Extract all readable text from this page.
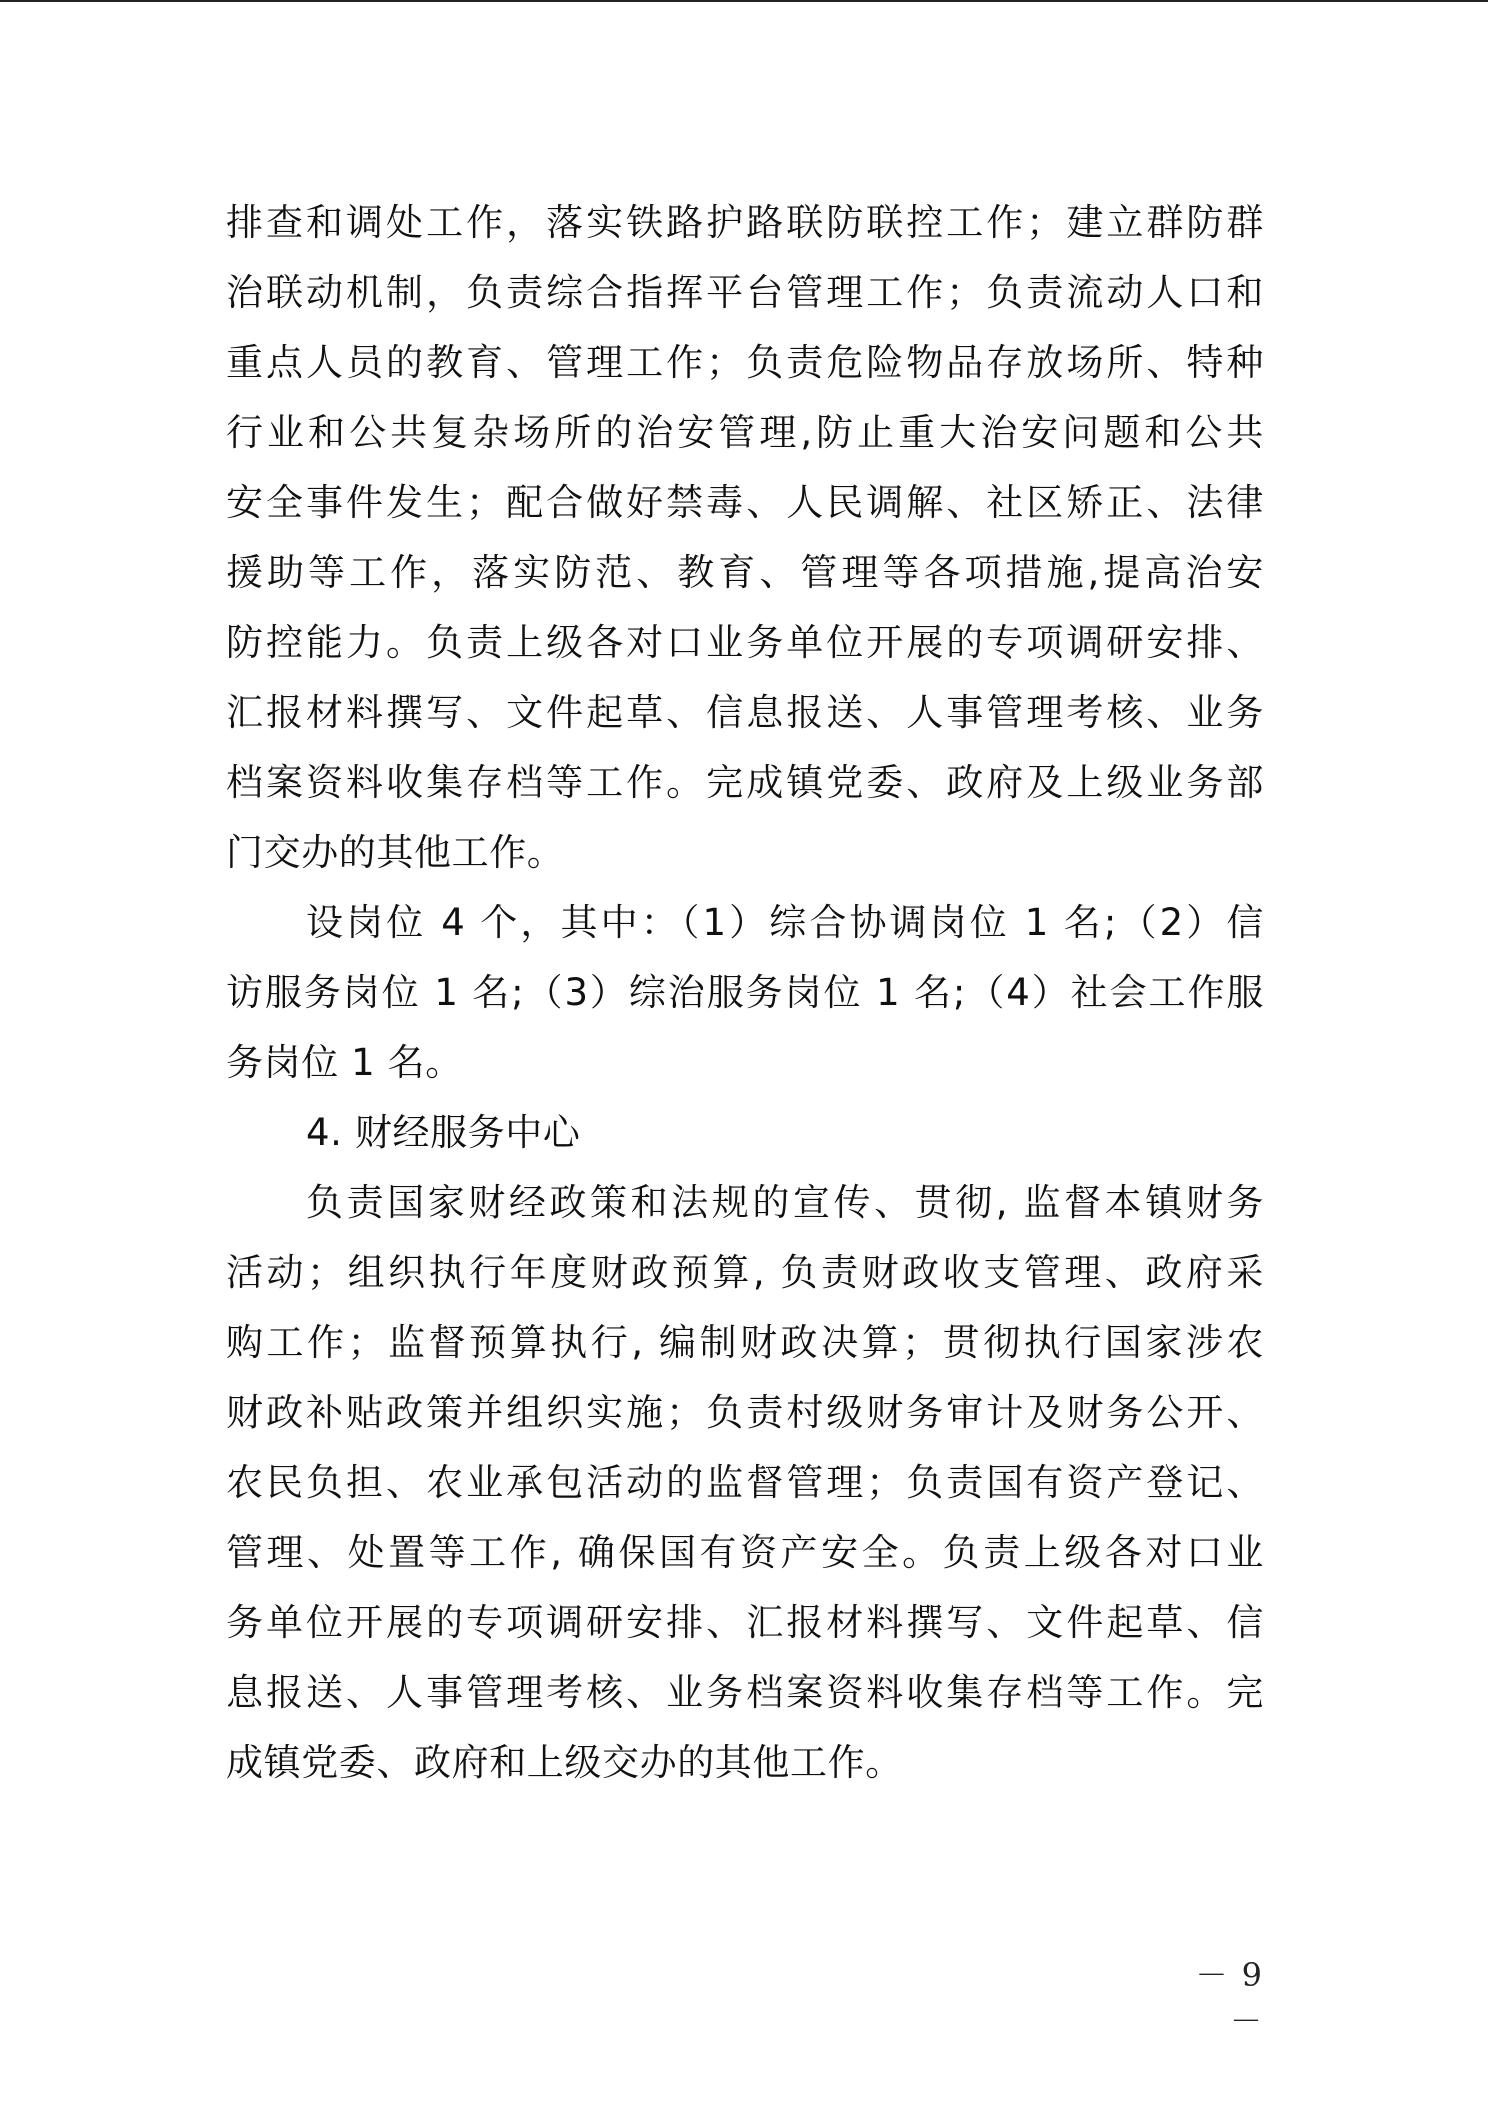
排查和调处工作，落实铁路护路联防联控工作；建立群防群

治联动机制，负责综合指挥平台管理工作；负责流动人口和

重点人员的教育、管理工作；负责危险物品存放场所、特种

行业和公共复杂场所的治安管理,防止重大治安问题和公共

安全事件发生；配合做好禁毒、人民调解、社区矫正、法律

援助等工作，落实防范、教育、管理等各项措施,提高治安

防控能力。负责上级各对口业务单位开展的专项调研安排、

汇报材料撰写、文件起草、信息报送、人事管理考核、业务

档案资料收集存档等工作。完成镇党委、政府及上级业务部

门交办的其他工作。

设岗位 4 个，其中：（1）综合协调岗位 1 名;（2）信

访服务岗位 1 名;（3）综治服务岗位 1 名;（4）社会工作服

务岗位 1 名。

4. 财经服务中心

负责国家财经政策和法规的宣传、贯彻, 监督本镇财务

活动；组织执行年度财政预算, 负责财政收支管理、政府采

购工作；监督预算执行, 编制财政决算；贯彻执行国家涉农

财政补贴政策并组织实施；负责村级财务审计及财务公开、

农民负担、农业承包活动的监督管理；负责国有资产登记、

管理、处置等工作, 确保国有资产安全。负责上级各对口业

务单位开展的专项调研安排、汇报材料撰写、文件起草、信

息报送、人事管理考核、业务档案资料收集存档等工作。完

成镇党委、政府和上级交办的其他工作。

－ 9 －
